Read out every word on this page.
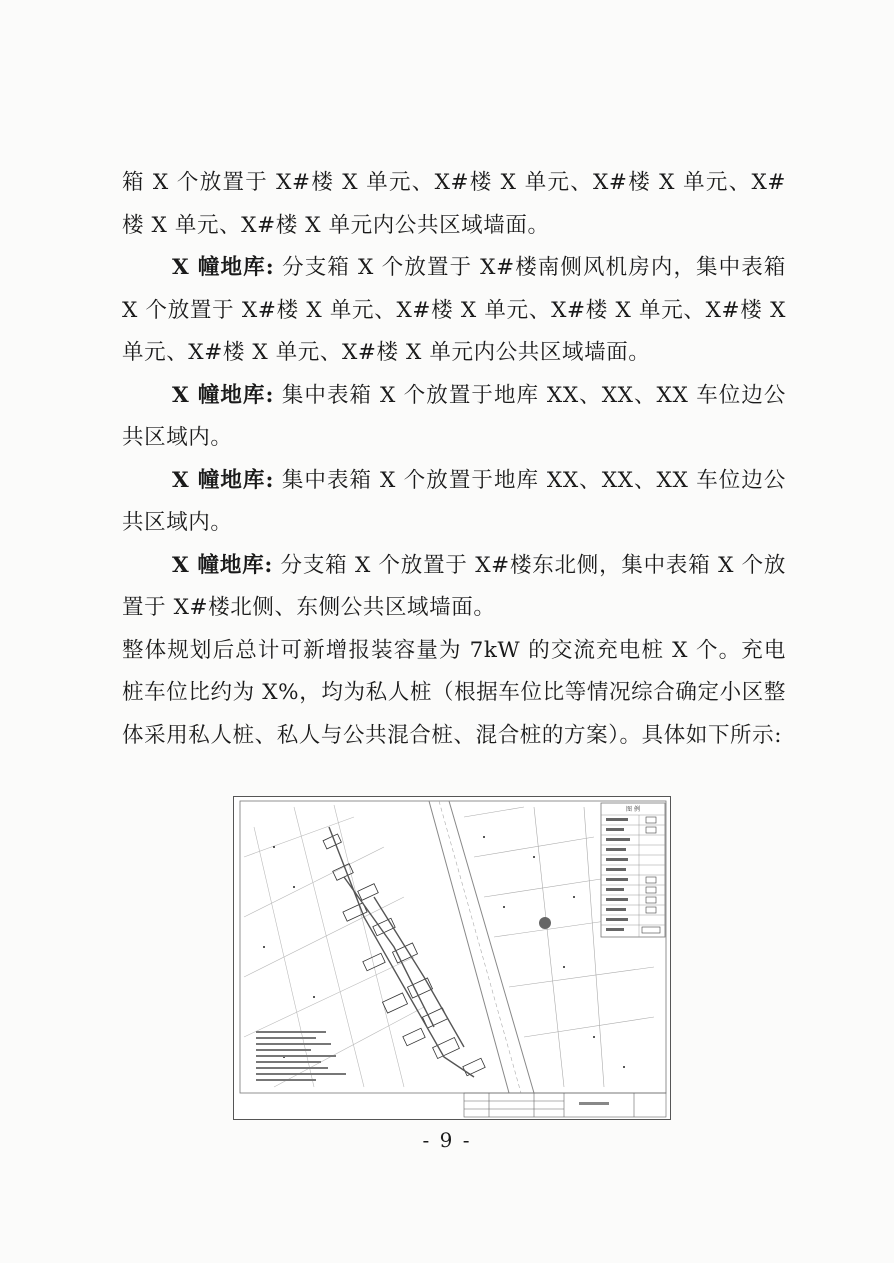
箱 X 个放置于 X#楼 X 单元、X#楼 X 单元、X#楼 X 单元、X#楼 X 单元、X#楼 X 单元内公共区域墙面。

X 幢地库: 分支箱 X 个放置于 X#楼南侧风机房内，集中表箱 X 个放置于 X#楼 X 单元、X#楼 X 单元、X#楼 X 单元、X#楼 X 单元、X#楼 X 单元、X#楼 X 单元内公共区域墙面。

X 幢地库: 集中表箱 X 个放置于地库 XX、XX、XX 车位边公共区域内。

X 幢地库: 集中表箱 X 个放置于地库 XX、XX、XX 车位边公共区域内。

X 幢地库: 分支箱 X 个放置于 X#楼东北侧，集中表箱 X 个放置于 X#楼北侧、东侧公共区域墙面。

整体规划后总计可新增报装容量为 7kW 的交流充电桩 X 个。充电桩车位比约为 X%，均为私人桩（根据车位比等情况综合确定小区整体采用私人桩、私人与公共混合桩、混合桩的方案）。具体如下所示:

图 例
- 9 -
